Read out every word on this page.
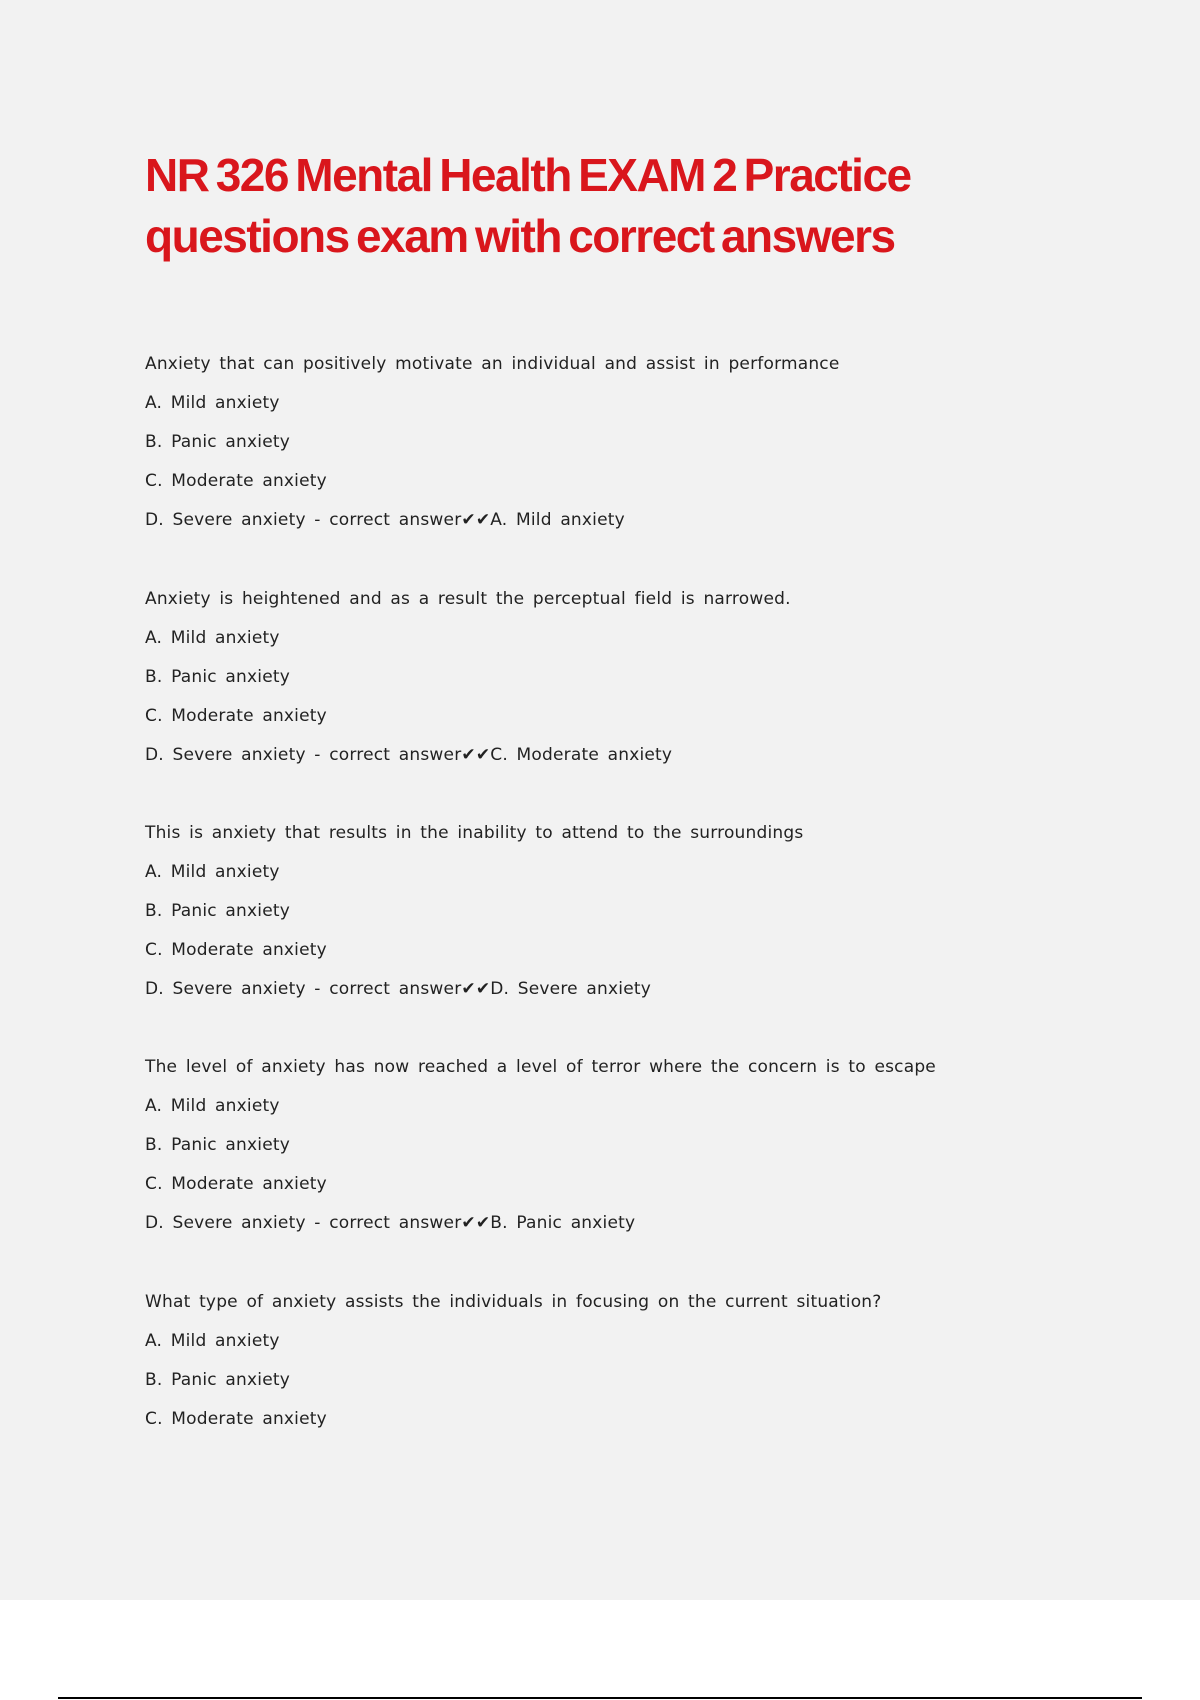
NR 326 Mental Health EXAM 2 Practice
questions exam with correct answers
Anxiety that can positively motivate an individual and assist in performance
A. Mild anxiety
B. Panic anxiety
C. Moderate anxiety
D. Severe anxiety - correct answer✔✔A. Mild anxiety
Anxiety is heightened and as a result the perceptual field is narrowed.
A. Mild anxiety
B. Panic anxiety
C. Moderate anxiety
D. Severe anxiety - correct answer✔✔C. Moderate anxiety
This is anxiety that results in the inability to attend to the surroundings
A. Mild anxiety
B. Panic anxiety
C. Moderate anxiety
D. Severe anxiety - correct answer✔✔D. Severe anxiety
The level of anxiety has now reached a level of terror where the concern is to escape
A. Mild anxiety
B. Panic anxiety
C. Moderate anxiety
D. Severe anxiety - correct answer✔✔B. Panic anxiety
What type of anxiety assists the individuals in focusing on the current situation?
A. Mild anxiety
B. Panic anxiety
C. Moderate anxiety
